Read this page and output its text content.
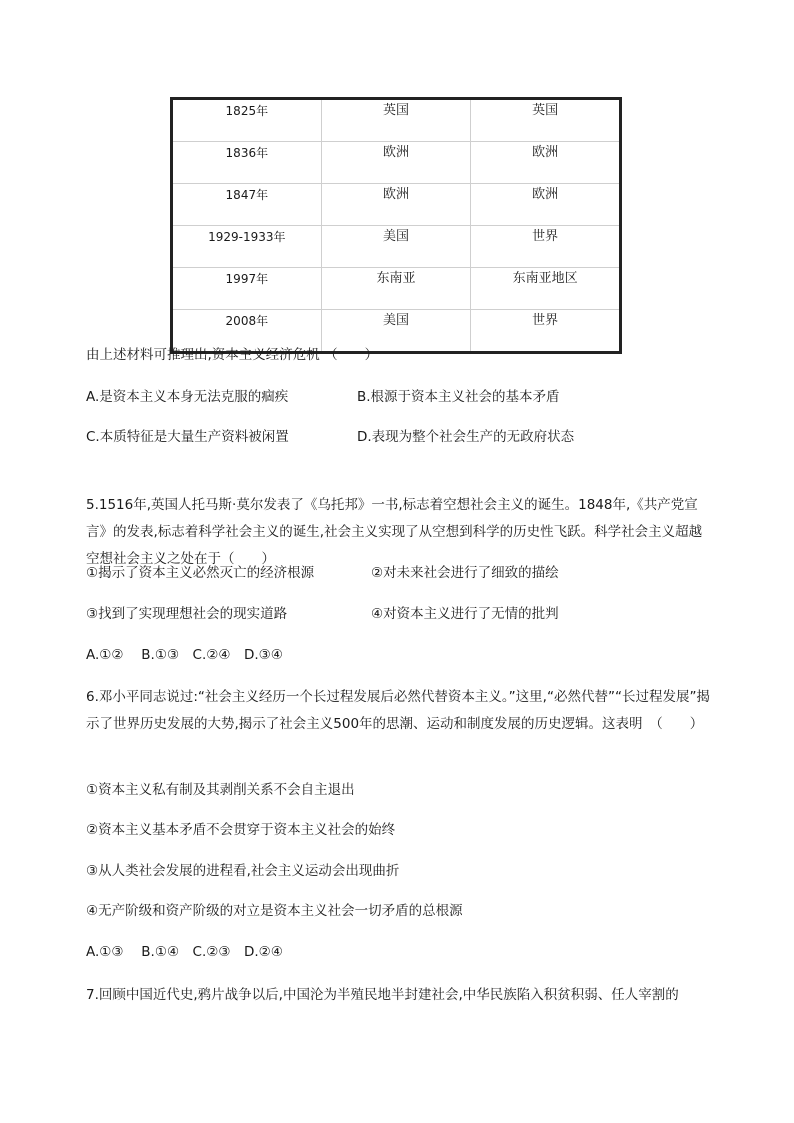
1825年	英国	英国
1836年	欧洲	欧洲
1847年	欧洲	欧洲
1929-1933年	美国	世界
1997年	东南亚	东南亚地区
2008年	美国	世界
由上述材料可推理出,资本主义经济危机 （　　）
A.是资本主义本身无法克服的痼疾	B.根源于资本主义社会的基本矛盾
C.本质特征是大量生产资料被闲置	D.表现为整个社会生产的无政府状态
5.1516年,英国人托马斯·莫尔发表了《乌托邦》一书,标志着空想社会主义的诞生。1848年,《共产党宣言》的发表,标志着科学社会主义的诞生,社会主义实现了从空想到科学的历史性飞跃。科学社会主义超越空想社会主义之处在于（　　）
①揭示了资本主义必然灭亡的经济根源	②对未来社会进行了细致的描绘
③找到了实现理想社会的现实道路	④对资本主义进行了无情的批判
A.①②　 B.①③　C.②④　D.③④
6.邓小平同志说过:“社会主义经历一个长过程发展后必然代替资本主义。”这里,“必然代替”“长过程发展”揭示了世界历史发展的大势,揭示了社会主义500年的思潮、运动和制度发展的历史逻辑。这表明　（　　）
①资本主义私有制及其剥削关系不会自主退出
②资本主义基本矛盾不会贯穿于资本主义社会的始终
③从人类社会发展的进程看,社会主义运动会出现曲折
④无产阶级和资产阶级的对立是资本主义社会一切矛盾的总根源
A.①③　 B.①④　C.②③　D.②④
7.回顾中国近代史,鸦片战争以后,中国沦为半殖民地半封建社会,中华民族陷入积贫积弱、任人宰割的
